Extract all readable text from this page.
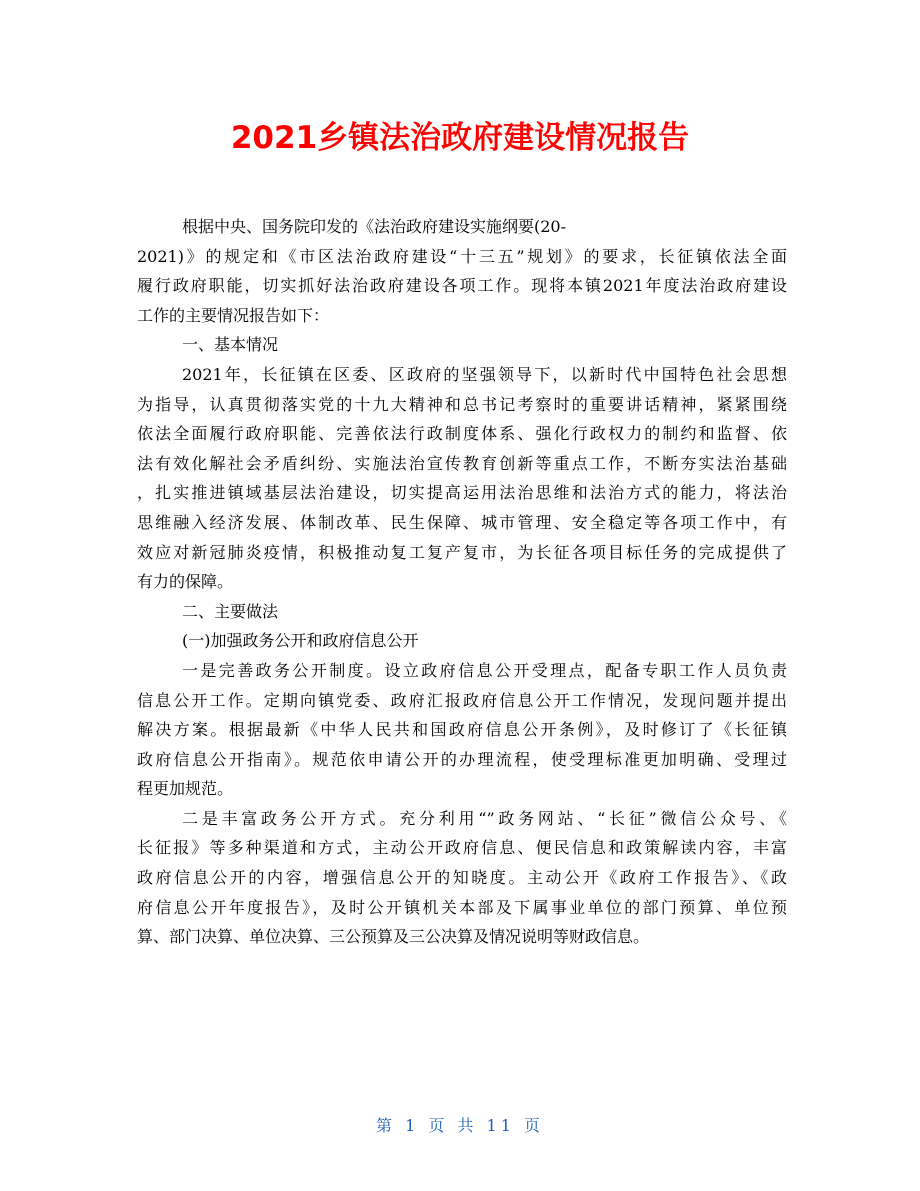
2021乡镇法治政府建设情况报告
根据中央、国务院印发的《法治政府建设实施纲要(20-
2021)》的规定和《市区法治政府建设“十三五”规划》的要求，长征镇依法全面
履行政府职能，切实抓好法治政府建设各项工作。现将本镇2021年度法治政府建设
工作的主要情况报告如下：
一、基本情况
2021年，长征镇在区委、区政府的坚强领导下，以新时代中国特色社会思想
为指导，认真贯彻落实党的十九大精神和总书记考察时的重要讲话精神，紧紧围绕
依法全面履行政府职能、完善依法行政制度体系、强化行政权力的制约和监督、依
法有效化解社会矛盾纠纷、实施法治宣传教育创新等重点工作，不断夯实法治基础
，扎实推进镇域基层法治建设，切实提高运用法治思维和法治方式的能力，将法治
思维融入经济发展、体制改革、民生保障、城市管理、安全稳定等各项工作中，有
效应对新冠肺炎疫情，积极推动复工复产复市，为长征各项目标任务的完成提供了
有力的保障。
二、主要做法
(一)加强政务公开和政府信息公开
一是完善政务公开制度。设立政府信息公开受理点，配备专职工作人员负责
信息公开工作。定期向镇党委、政府汇报政府信息公开工作情况，发现问题并提出
解决方案。根据最新《中华人民共和国政府信息公开条例》，及时修订了《长征镇
政府信息公开指南》。规范依申请公开的办理流程，使受理标准更加明确、受理过
程更加规范。
二是丰富政务公开方式。充分利用“”政务网站、“长征”微信公众号、《
长征报》等多种渠道和方式，主动公开政府信息、便民信息和政策解读内容，丰富
政府信息公开的内容，增强信息公开的知晓度。主动公开《政府工作报告》、《政
府信息公开年度报告》，及时公开镇机关本部及下属事业单位的部门预算、单位预
算、部门决算、单位决算、三公预算及三公决算及情况说明等财政信息。
第 1 页 共 11 页
